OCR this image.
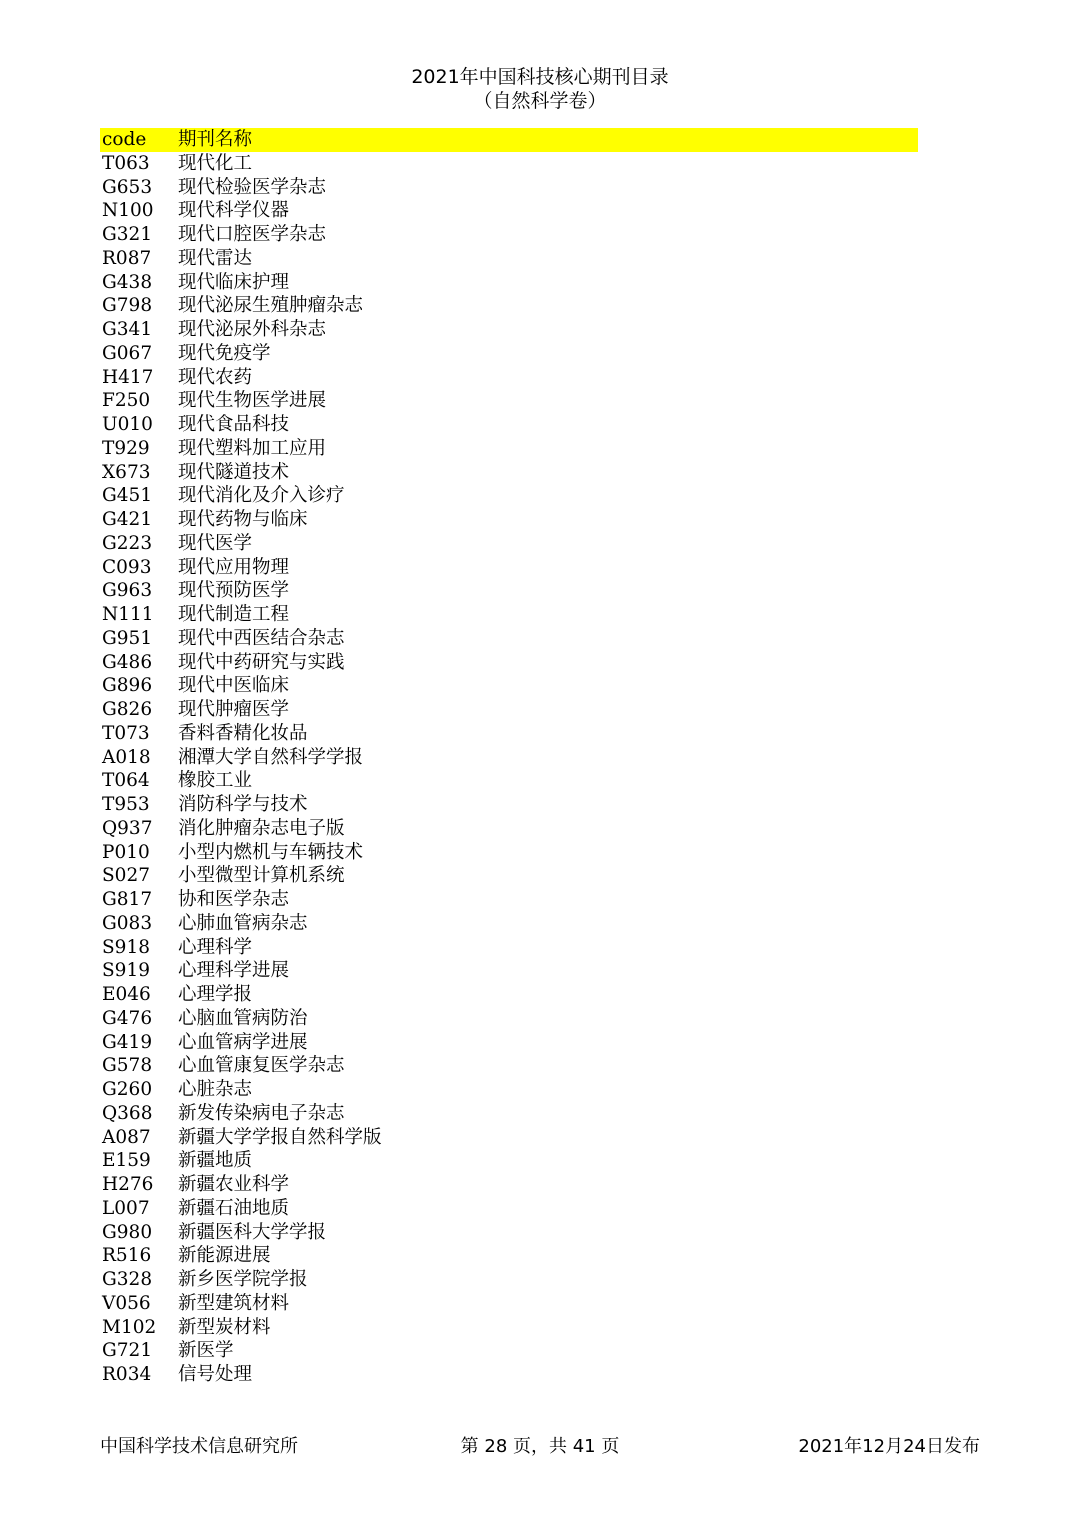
2021年中国科技核心期刊目录
（自然科学卷）
code	期刊名称
T063	现代化工
G653	现代检验医学杂志
N100	现代科学仪器
G321	现代口腔医学杂志
R087	现代雷达
G438	现代临床护理
G798	现代泌尿生殖肿瘤杂志
G341	现代泌尿外科杂志
G067	现代免疫学
H417	现代农药
F250	现代生物医学进展
U010	现代食品科技
T929	现代塑料加工应用
X673	现代隧道技术
G451	现代消化及介入诊疗
G421	现代药物与临床
G223	现代医学
C093	现代应用物理
G963	现代预防医学
N111	现代制造工程
G951	现代中西医结合杂志
G486	现代中药研究与实践
G896	现代中医临床
G826	现代肿瘤医学
T073	香料香精化妆品
A018	湘潭大学自然科学学报
T064	橡胶工业
T953	消防科学与技术
Q937	消化肿瘤杂志电子版
P010	小型内燃机与车辆技术
S027	小型微型计算机系统
G817	协和医学杂志
G083	心肺血管病杂志
S918	心理科学
S919	心理科学进展
E046	心理学报
G476	心脑血管病防治
G419	心血管病学进展
G578	心血管康复医学杂志
G260	心脏杂志
Q368	新发传染病电子杂志
A087	新疆大学学报自然科学版
E159	新疆地质
H276	新疆农业科学
L007	新疆石油地质
G980	新疆医科大学学报
R516	新能源进展
G328	新乡医学院学报
V056	新型建筑材料
M102	新型炭材料
G721	新医学
R034	信号处理
中国科学技术信息研究所	第 28 页，共 41 页	2021年12月24日发布
